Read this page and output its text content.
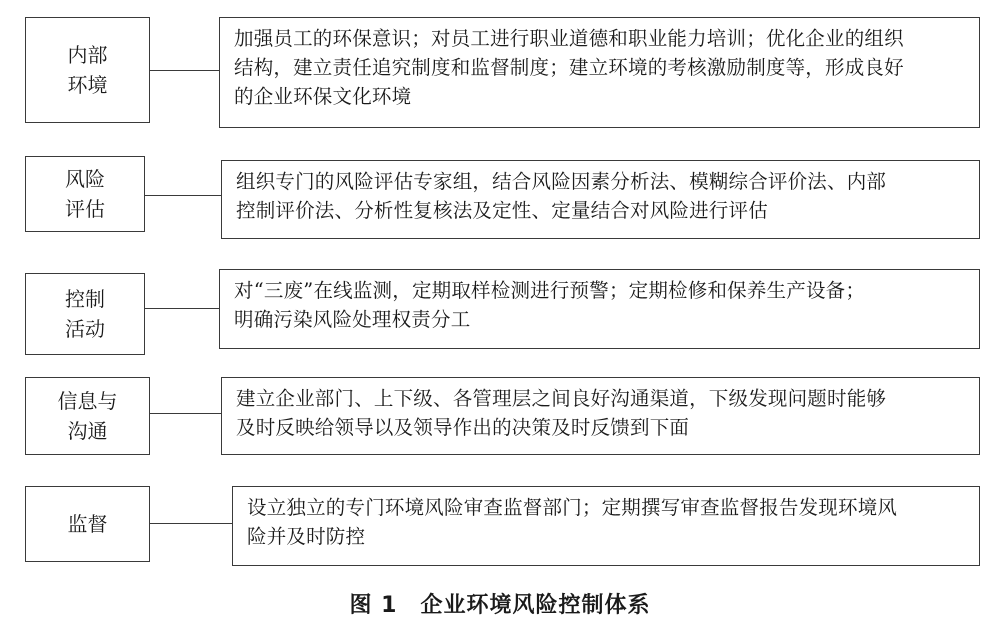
内部
环境
加强员工的环保意识；对员工进行职业道德和职业能力培训；优化企业的组织
结构，建立责任追究制度和监督制度；建立环境的考核激励制度等，形成良好
的企业环保文化环境
风险
评估
组织专门的风险评估专家组，结合风险因素分析法、模糊综合评价法、内部
控制评价法、分析性复核法及定性、定量结合对风险进行评估
控制
活动
对“三废”在线监测，定期取样检测进行预警；定期检修和保养生产设备；
明确污染风险处理权责分工
信息与
沟通
建立企业部门、上下级、各管理层之间良好沟通渠道，下级发现问题时能够
及时反映给领导以及领导作出的决策及时反馈到下面
监督
设立独立的专门环境风险审查监督部门；定期撰写审查监督报告发现环境风
险并及时防控
图 1　企业环境风险控制体系
